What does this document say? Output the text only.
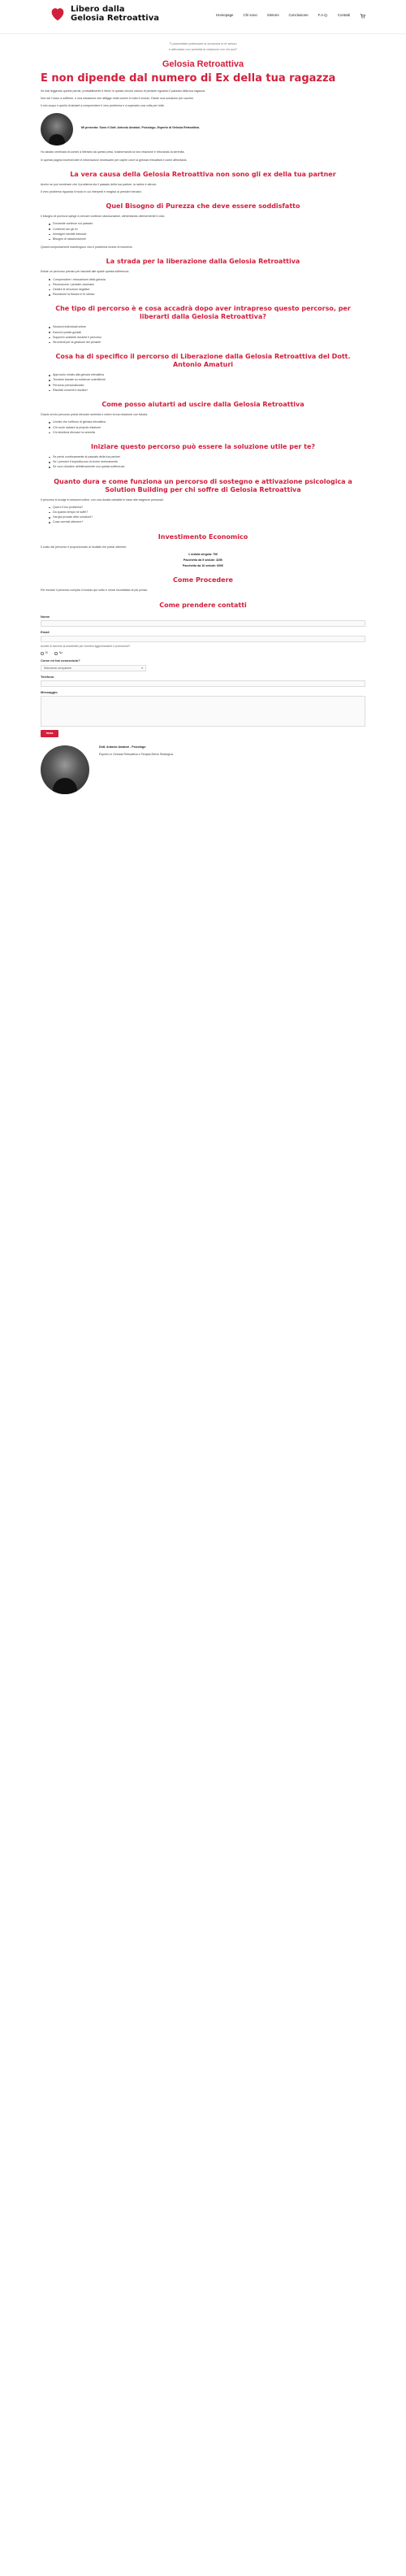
Libero dalla
Gelosia Retroattiva	Homepage	Chi sono	Sintomi	Conclusione	F.A.Q.	Contatti

Ti piacerebbe potenziare la sicurezza in te stesso

e affrontare con serenità la relazione con chi ami?

Gelosia Retroattiva
E non dipende dal numero di Ex della tua ragazza

Se stai leggendo queste parole, probabilmente ti ritrovi in questo circolo vizioso di pensieri riguardo il passato della tua ragazza.

Non sei l'unico a soffrirne, e una situazione che affligge molti uomini in tutto il mondo. Esiste una soluzione per uscirne.

Il mio scopo è quello di aiutarti a comprendere il vero problema e a superarlo una volta per tutte.

Mi presento: Sono il Dott. Antonio Amaturi, Psicologo, Esperto di Gelosia Retroattiva.

Ho aiutato centinaia di uomini a liberarsi da questo peso, trasformando la loro relazione e ritrovando la serenità.

In questa pagina troverai tutte le informazioni necessarie per capire cos'è la gelosia retroattiva e come affrontarla.

La vera causa della Gelosia Retroattiva non sono gli ex della tua partner

Anche se può sembrare che il problema sia il passato della tua partner, la radice è altrove.

Il vero problema riguarda il modo in cui interpreti e reagisci ai pensieri intrusivi.

Quel Bisogno di Purezza che deve essere soddisfatto

Il bisogno di purezza spinge a cercare continue rassicurazioni, alimentando ulteriormente il ciclo.

Domande continue sul passato
Confronti con gli ex
Immagini mentali intrusive
Bisogno di rassicurazione

Questi comportamenti mantengono vivo il problema invece di risolverlo.

La strada per la liberazione dalla Gelosia Retroattiva

Esiste un percorso preciso per lasciarti alle spalle questa sofferenza.

Comprendere i meccanismi della gelosia
Riconoscere i pensieri ossessivi
Gestire le emozioni negative
Ricostruire la fiducia in te stesso
Che tipo di percorso è e cosa accadrà dopo aver intrapreso questo percorso, per liberarti dalla Gelosia Retroattiva?
Sessioni individuali online
Esercizi pratici guidati
Supporto costante durante il percorso
Strumenti per la gestione dei pensieri
Cosa ha di specifico il percorso di Liberazione dalla Gelosia Retroattiva del Dott. Antonio Amaturi
Approccio mirato alla gelosia retroattiva
Tecniche basate su evidenze scientifiche
Percorso personalizzato
Risultati concreti e duraturi
Come posso aiutarti ad uscire dalla Gelosia Retroattiva

Grazie al mio percorso potrai ritrovare serenità e vivere la tua relazione con fiducia.

Uomini che soffrono di gelosia retroattiva
Chi vuole salvare la propria relazione
Chi desidera ritrovare la serenità
Iniziare questo percorso può essere la soluzione utile per te?
Se pensi continuamente al passato della tua partner
Se i pensieri ti impediscono di vivere serenamente
Se vuoi chiudere definitivamente con questa sofferenza
Quanto dura e come funziona un percorso di sostegno e attivazione psicologica a Solution Building per chi soffre di Gelosia Retroattiva

Il percorso si svolge in sessioni online, con una durata variabile in base alle esigenze personali.

Qual è il tuo problema?
Da quanto tempo ne soffri?
Hai già provato altre soluzioni?
Cosa vorresti ottenere?
Investimento Economico

Il costo del percorso è proporzionato ai risultati che potrai ottenere.

1 seduta singola: 70€

Pacchetto da 5 sedute: 325€

Pacchetto da 10 sedute: 600€

Come Procedere

Per iniziare il percorso compila il modulo qui sotto e verrai ricontattato al più presto.

Come prendere contatti
Nome
Email
Accetti di ricevere la newsletter per ricevere aggiornamenti e promozioni?
Sì	No
Come mi hai conosciuto?
Seleziona un'opzione ▾
Telefono
Messaggio
Invia

Dott. Antonio Amaturi - Psicologo

Esperto in Gelosia Retroattiva e Terapia Breve Strategica
